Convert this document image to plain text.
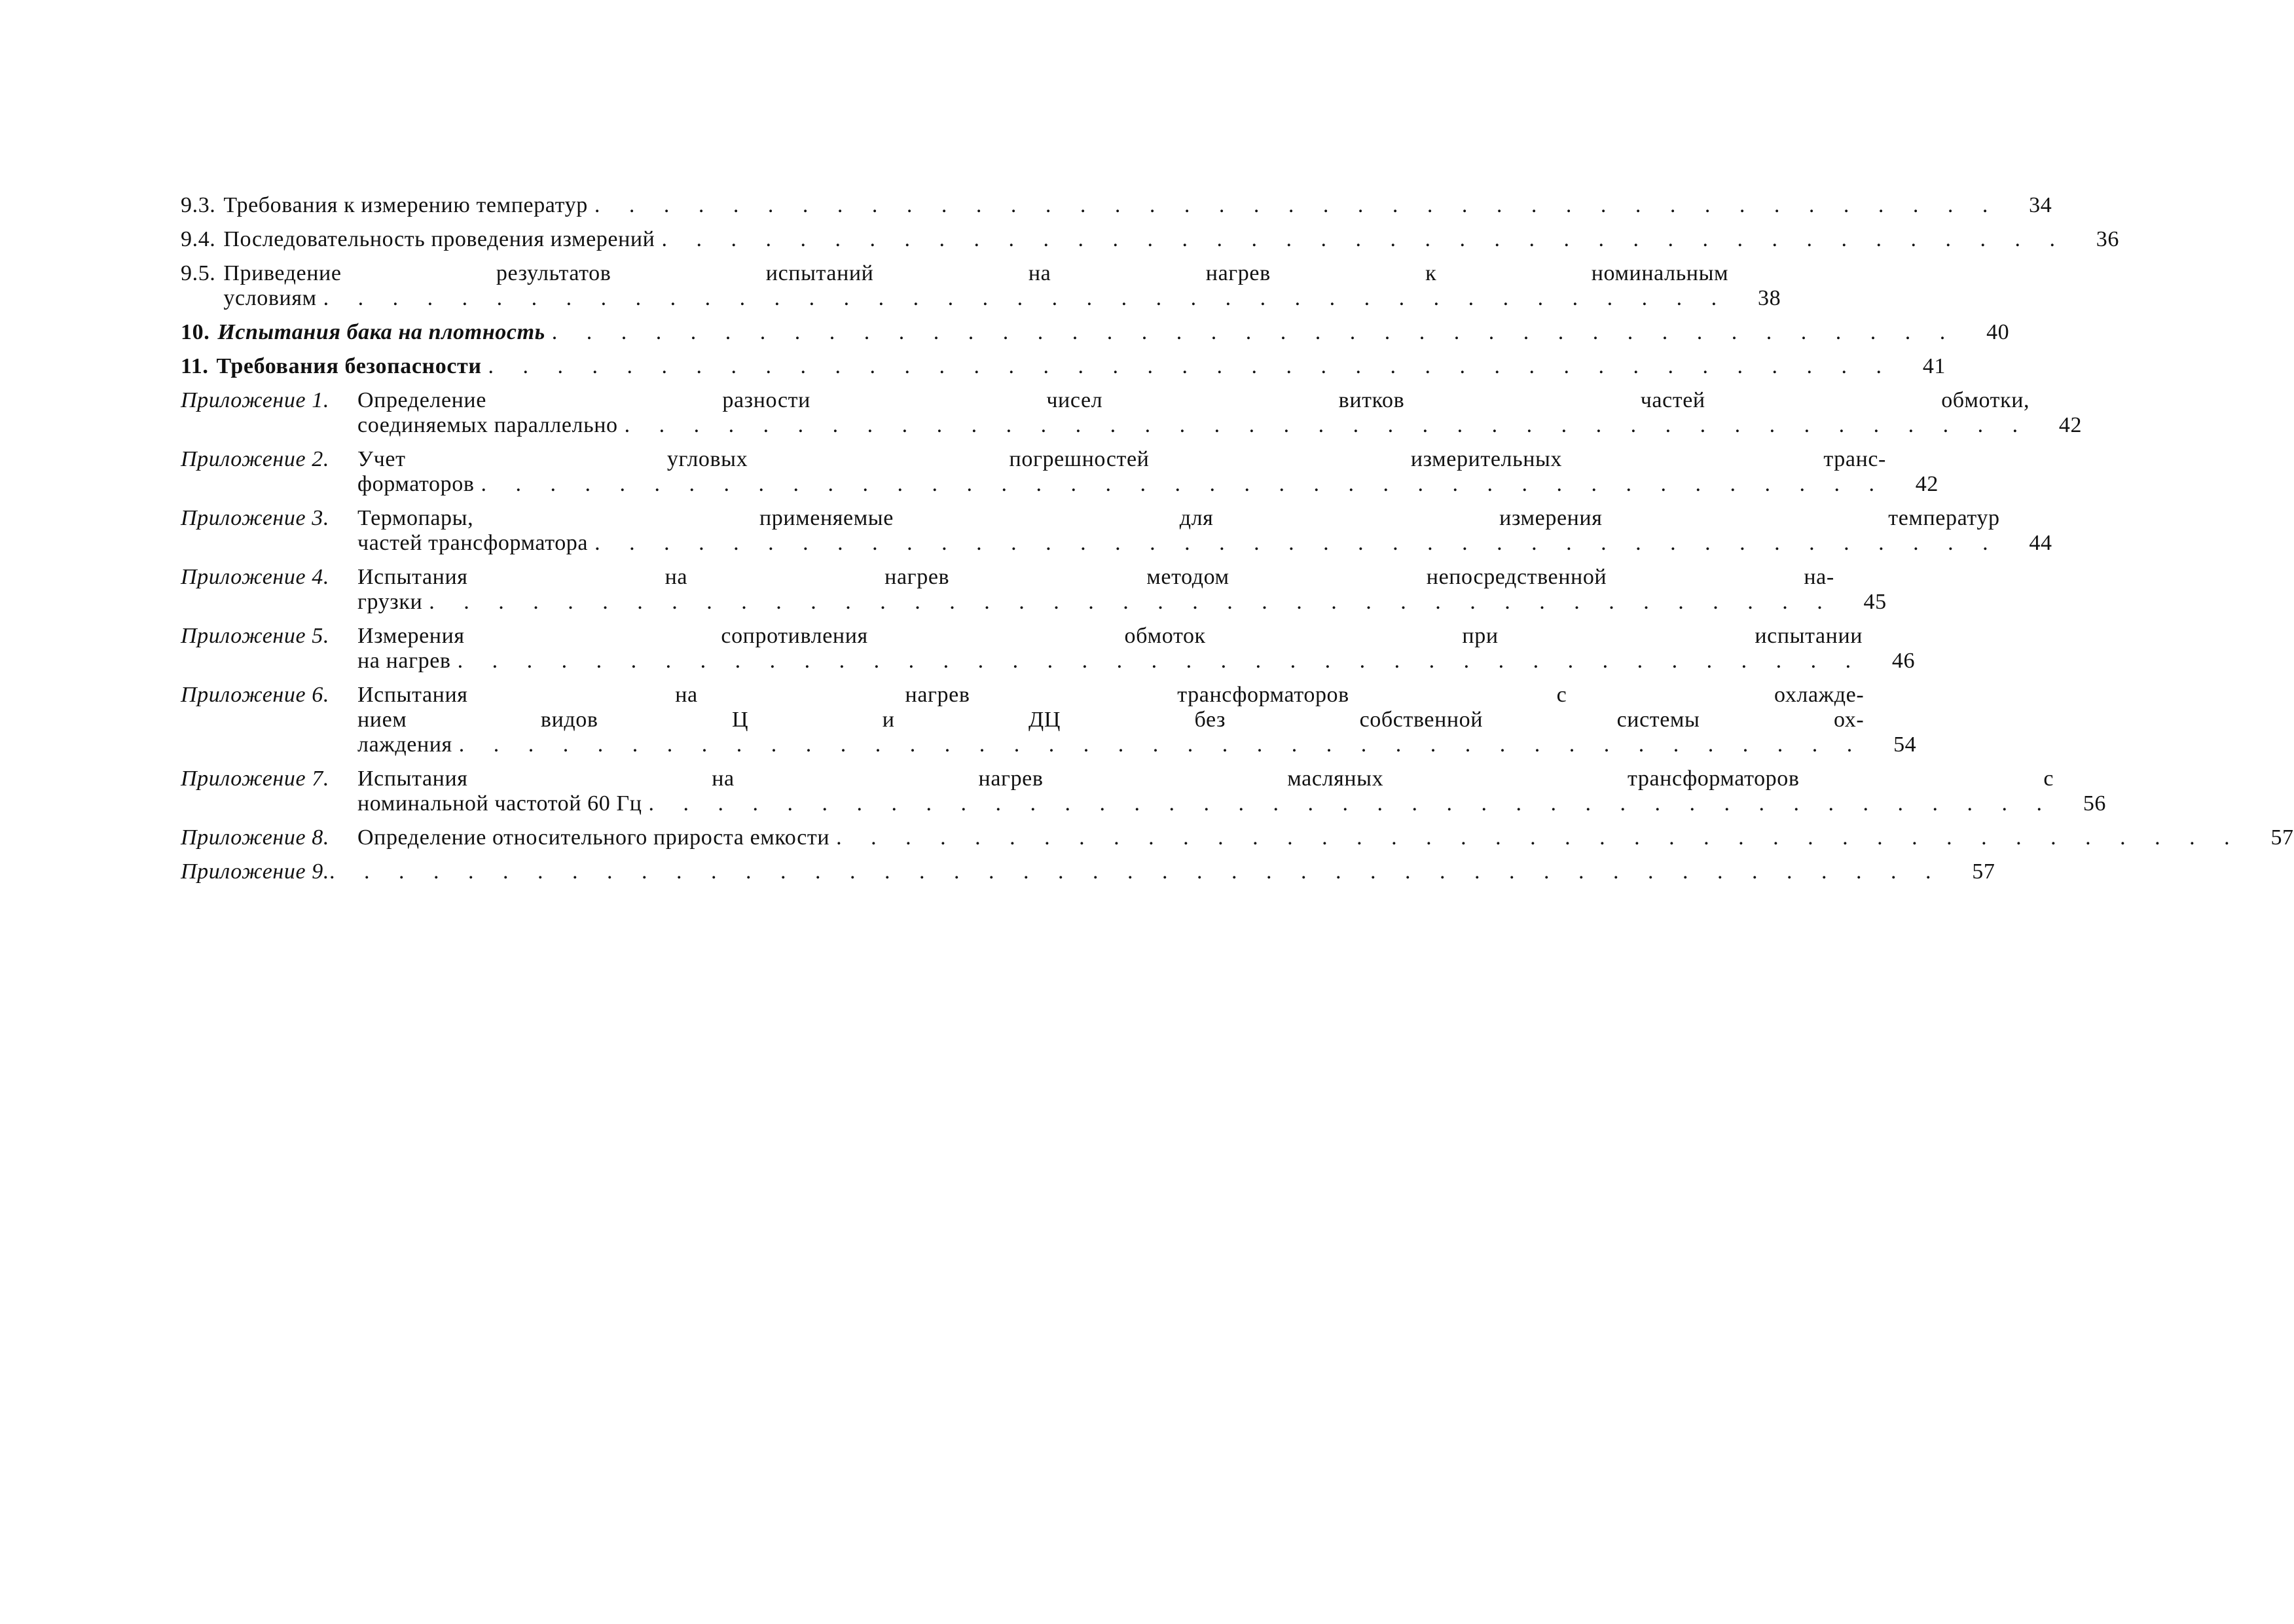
9.3. Требования к измерению температур . . . . . . . . . . . . . . . . . . . . . . . . . . . . . . . . . . . . . . . . .	34
9.4. Последовательность проведения измерений . . . . . . . . . . . . . . . . . . . . . . . . . . . . . . . . . . . . . . . . .	36
9.5. Приведение результатов испытаний на нагрев к номинальным
условиям . . . . . . . . . . . . . . . . . . . . . . . . . . . . . . . . . . . . . . . . .	38
10. Испытания бака на плотность . . . . . . . . . . . . . . . . . . . . . . . . . . . . . . . . . . . . . . . . .	40
11. Требования безопасности . . . . . . . . . . . . . . . . . . . . . . . . . . . . . . . . . . . . . . . . .	41
Приложение 1.	Определение разности чисел витков частей обмотки,
соединяемых параллельно . . . . . . . . . . . . . . . . . . . . . . . . . . . . . . . . . . . . . . . . .	42
Приложение 2.	Учет угловых погрешностей измерительных транс-
форматоров . . . . . . . . . . . . . . . . . . . . . . . . . . . . . . . . . . . . . . . . .	42
Приложение 3.	Термопары, применяемые для измерения температур
частей трансформатора . . . . . . . . . . . . . . . . . . . . . . . . . . . . . . . . . . . . . . . . .	44
Приложение 4.	Испытания на нагрев методом непосредственной на-
грузки . . . . . . . . . . . . . . . . . . . . . . . . . . . . . . . . . . . . . . . . .	45
Приложение 5.	Измерения сопротивления обмоток при испытании
на нагрев . . . . . . . . . . . . . . . . . . . . . . . . . . . . . . . . . . . . . . . . .	46
Приложение 6.	Испытания на нагрев трансформаторов с охлажде-
нием видов Ц и ДЦ без собственной системы ох-
лаждения . . . . . . . . . . . . . . . . . . . . . . . . . . . . . . . . . . . . . . . . .	54
Приложение 7.	Испытания на нагрев масляных трансформаторов с
номинальной частотой 60 Гц . . . . . . . . . . . . . . . . . . . . . . . . . . . . . . . . . . . . . . . . .	56
Приложение 8.	Определение относительного прироста емкости . . . . . . . . . . . . . . . . . . . . . . . . . . . . . . . . . . . . . . . . .	57
Приложение 9. . . . . . . . . . . . . . . . . . . . . . . . . . . . . . . . . . . . . . . . . . . . . . . .	57
